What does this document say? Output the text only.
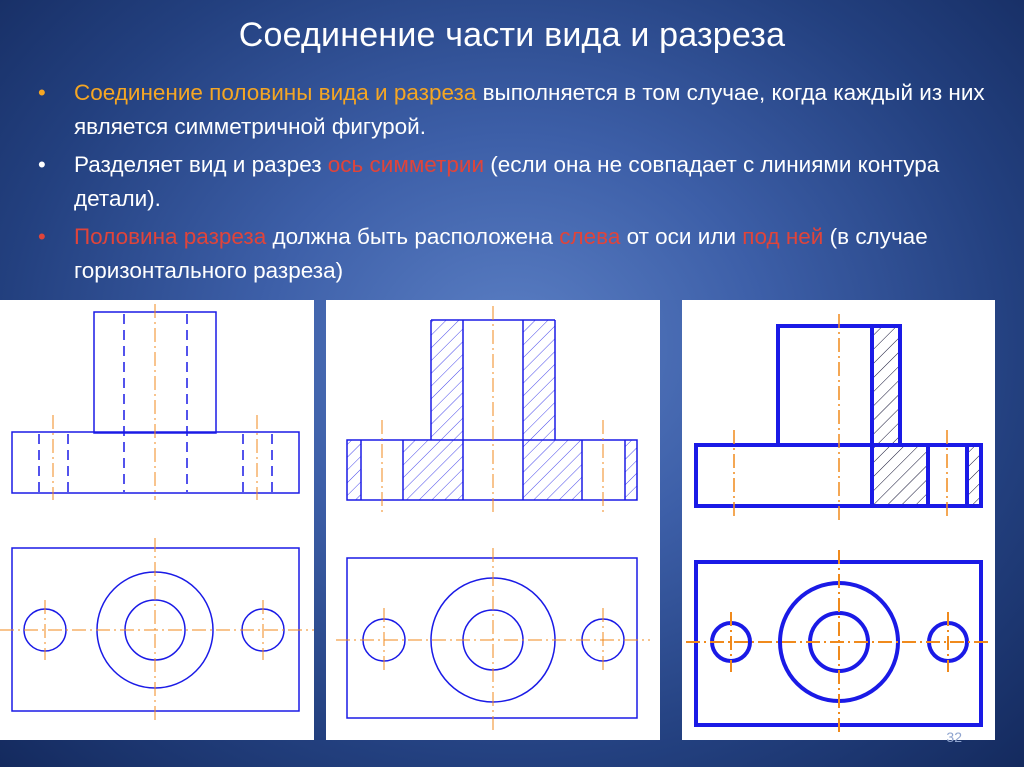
Соединение части вида и разреза
• Соединение половины вида и разреза выполняется в том случае, когда каждый из них является симметричной фигурой.
• Разделяет вид и разрез ось симметрии (если она не совпадает с линиями контура детали).
• Половина разреза должна быть расположена слева от оси или под ней (в случае горизонтального разреза)
32
